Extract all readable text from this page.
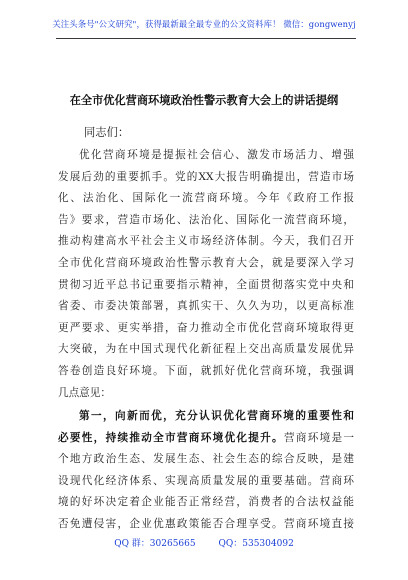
关注头条号"公文研究"，获得最新最全最专业的公文资料库！ 微信：gongwenyj
在全市优化营商环境政治性警示教育大会上的讲话提纲
同志们：
优化营商环境是提振社会信心、激发市场活力、增强
发展后劲的重要抓手。党的XX大报告明确提出，营造市场
化、法治化、国际化一流营商环境。今年《政府工作报
告》要求，营造市场化、法治化、国际化一流营商环境，
推动构建高水平社会主义市场经济体制。今天，我们召开
全市优化营商环境政治性警示教育大会，就是要深入学习
贯彻习近平总书记重要指示精神，全面贯彻落实党中央和
省委、市委决策部署，真抓实干、久久为功，以更高标准
更严要求、更实举措，奋力推动全市优化营商环境取得更
大突破，为在中国式现代化新征程上交出高质量发展优异
答卷创造良好环境。下面，就抓好优化营商环境，我强调
几点意见：
第一，向新而优，充分认识优化营商环境的重要性和
必要性，持续推动全市营商环境优化提升。营商环境是一
个地方政治生态、发展生态、社会生态的综合反映，是建
设现代化经济体系、实现高质量发展的重要基础。营商环
境的好坏决定着企业能否正常经营，消费者的合法权益能
否免遭侵害，企业优惠政策能否合理享受。营商环境直接
QQ 群：30265665	QQ：535304092
